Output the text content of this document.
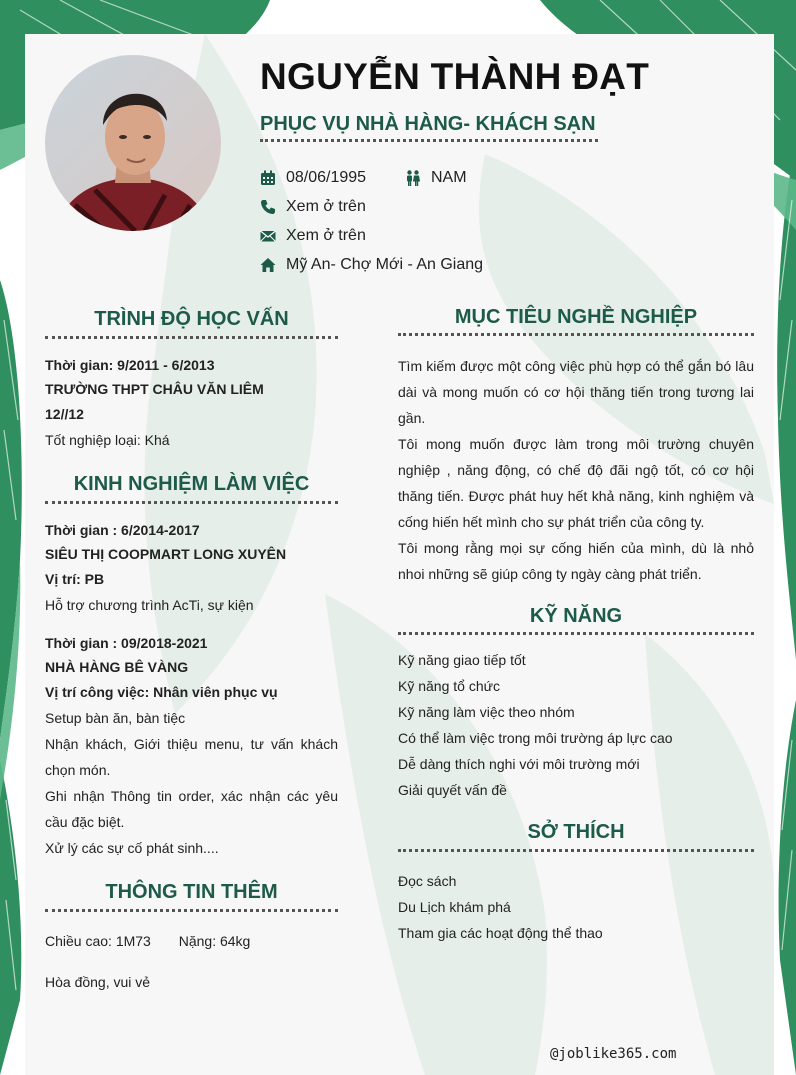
NGUYỄN THÀNH ĐẠT
PHỤC VỤ NHÀ HÀNG- KHÁCH SẠN
08/06/1995	NAM
Xem ở trên
Xem ở trên
Mỹ An- Chợ Mới - An Giang
TRÌNH ĐỘ HỌC VẤN
Thời gian: 9/2011 - 6/2013
TRƯỜNG THPT CHÂU VĂN LIÊM
12//12
Tốt nghiệp loại: Khá
KINH NGHIỆM LÀM VIỆC
Thời gian : 6/2014-2017
SIÊU THỊ COOPMART LONG XUYÊN
Vị trí: PB
Hỗ trợ chương trình AcTi, sự kiện
Thời gian : 09/2018-2021
NHÀ HÀNG BÊ VÀNG
Vị trí công việc: Nhân viên phục vụ
Setup bàn ăn, bàn tiệc
Nhận khách, Giới thiệu menu, tư vấn khách chọn món.
Ghi nhận Thông tin order, xác nhận các yêu cầu đặc biệt.
Xử lý các sự cố phát sinh....
THÔNG TIN THÊM
Chiều cao: 1M73 Nặng: 64kg
Hòa đồng, vui vẻ
MỤC TIÊU NGHỀ NGHIỆP
Tìm kiếm được một công việc phù hợp có thể gắn bó lâu dài và mong muốn có cơ hội thăng tiến trong tương lai gần.
Tôi mong muốn được làm trong môi trường chuyên nghiệp , năng động, có chế độ đãi ngộ tốt, có cơ hội thăng tiến. Được phát huy hết khả năng, kinh nghiệm và cống hiến hết mình cho sự phát triển của công ty.
Tôi mong rằng mọi sự cống hiến của mình, dù là nhỏ nhoi những sẽ giúp công ty ngày càng phát triển.
KỸ NĂNG
Kỹ năng giao tiếp tốt
Kỹ năng tổ chức
Kỹ năng làm việc theo nhóm
Có thể làm việc trong môi trường áp lực cao
Dễ dàng thích nghi với môi trường mới
Giải quyết vấn đề
SỞ THÍCH
Đọc sách
Du Lịch khám phá
Tham gia các hoạt động thể thao
@joblike365.com
